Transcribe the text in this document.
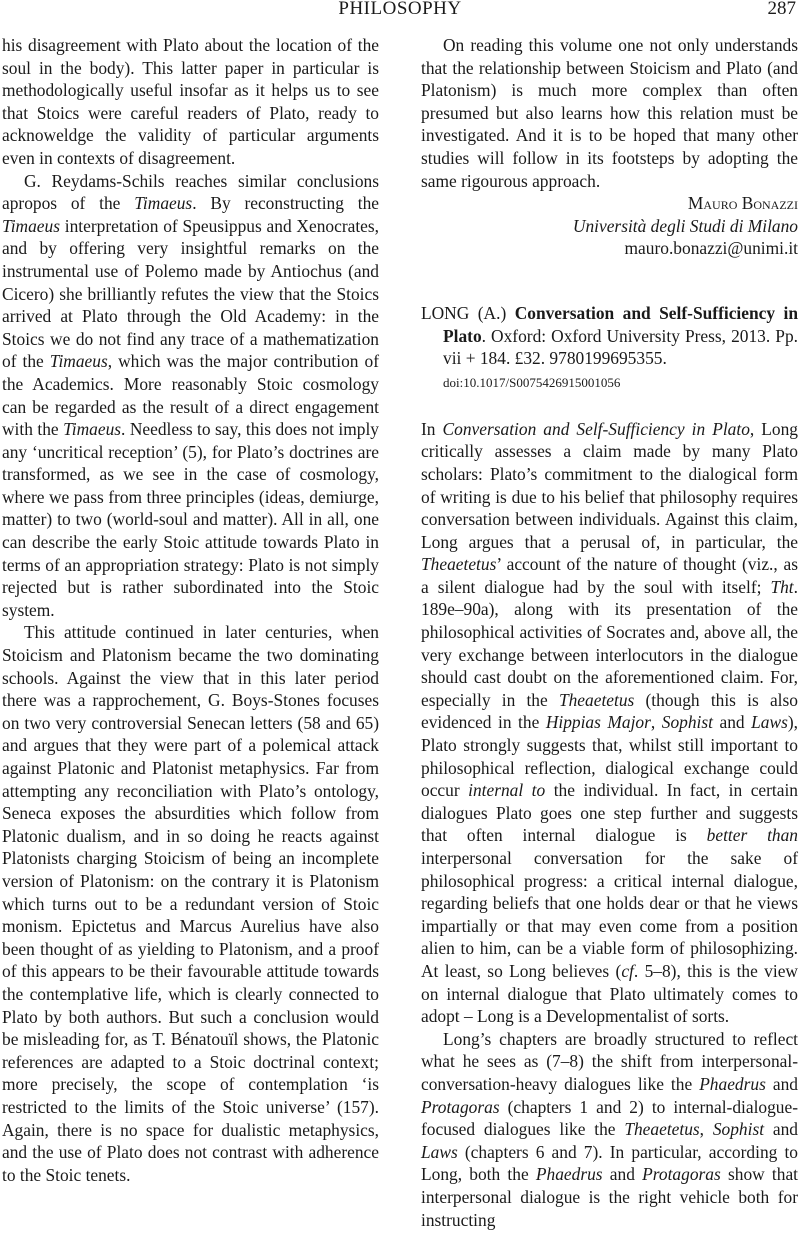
PHILOSOPHY	287

his disagreement with Plato about the location of the soul in the body). This latter paper in particular is methodologically useful insofar as it helps us to see that Stoics were careful readers of Plato, ready to acknoweldge the validity of particular arguments even in contexts of disagreement.

G. Reydams-Schils reaches similar conclusions apropos of the Timaeus. By reconstructing the Timaeus interpretation of Speusippus and Xenocrates, and by offering very insightful remarks on the instrumental use of Polemo made by Antiochus (and Cicero) she brilliantly refutes the view that the Stoics arrived at Plato through the Old Academy: in the Stoics we do not find any trace of a mathematization of the Timaeus, which was the major contribution of the Academics. More reasonably Stoic cosmology can be regarded as the result of a direct engagement with the Timaeus. Needless to say, this does not imply any ‘uncritical reception’ (5), for Plato’s doctrines are transformed, as we see in the case of cosmology, where we pass from three principles (ideas, demiurge, matter) to two (world-soul and matter). All in all, one can describe the early Stoic attitude towards Plato in terms of an appropriation strategy: Plato is not simply rejected but is rather subordinated into the Stoic system.

This attitude continued in later centuries, when Stoicism and Platonism became the two dominating schools. Against the view that in this later period there was a rapprochement, G. Boys-Stones focuses on two very controversial Senecan letters (58 and 65) and argues that they were part of a polemical attack against Platonic and Platonist metaphysics. Far from attempting any reconciliation with Plato’s ontology, Seneca exposes the absurdities which follow from Platonic dualism, and in so doing he reacts against Platonists charging Stoicism of being an incomplete version of Platonism: on the contrary it is Platonism which turns out to be a redundant version of Stoic monism. Epictetus and Marcus Aurelius have also been thought of as yielding to Platonism, and a proof of this appears to be their favourable attitude towards the contemplative life, which is clearly connected to Plato by both authors. But such a conclusion would be misleading for, as T. Bénatouïl shows, the Platonic references are adapted to a Stoic doctrinal context; more precisely, the scope of contemplation ‘is restricted to the limits of the Stoic universe’ (157). Again, there is no space for dualistic metaphysics, and the use of Plato does not contrast with adherence to the Stoic tenets.

On reading this volume one not only understands that the relationship between Stoicism and Plato (and Platonism) is much more complex than often presumed but also learns how this relation must be investigated. And it is to be hoped that many other studies will follow in its footsteps by adopting the same rigourous approach.

Mauro Bonazzi

Università degli Studi di Milano

mauro.bonazzi@unimi.it

LONG (A.) Conversation and Self-Sufficiency in Plato. Oxford: Oxford University Press, 2013. Pp. vii + 184. £32. 9780199695355.

doi:10.1017/S0075426915001056

In Conversation and Self-Sufficiency in Plato, Long critically assesses a claim made by many Plato scholars: Plato’s commitment to the dialogical form of writing is due to his belief that philosophy requires conversation between individuals. Against this claim, Long argues that a perusal of, in particular, the Theaetetus’ account of the nature of thought (viz., as a silent dialogue had by the soul with itself; Tht. 189e–90a), along with its presentation of the philosophical activities of Socrates and, above all, the very exchange between interlocutors in the dialogue should cast doubt on the aforementioned claim. For, especially in the Theaetetus (though this is also evidenced in the Hippias Major, Sophist and Laws), Plato strongly suggests that, whilst still important to philosophical reflection, dialogical exchange could occur internal to the individual. In fact, in certain dialogues Plato goes one step further and suggests that often internal dialogue is better than interpersonal conversation for the sake of philosophical progress: a critical internal dialogue, regarding beliefs that one holds dear or that he views impartially or that may even come from a position alien to him, can be a viable form of philosophizing. At least, so Long believes (cf. 5–8), this is the view on internal dialogue that Plato ultimately comes to adopt – Long is a Developmentalist of sorts.

Long’s chapters are broadly structured to reflect what he sees as (7–8) the shift from interpersonal-conversation-heavy dialogues like the Phaedrus and Protagoras (chapters 1 and 2) to internal-dialogue-focused dialogues like the Theaetetus, Sophist and Laws (chapters 6 and 7). In particular, according to Long, both the Phaedrus and Protagoras show that interpersonal dialogue is the right vehicle both for instructing
